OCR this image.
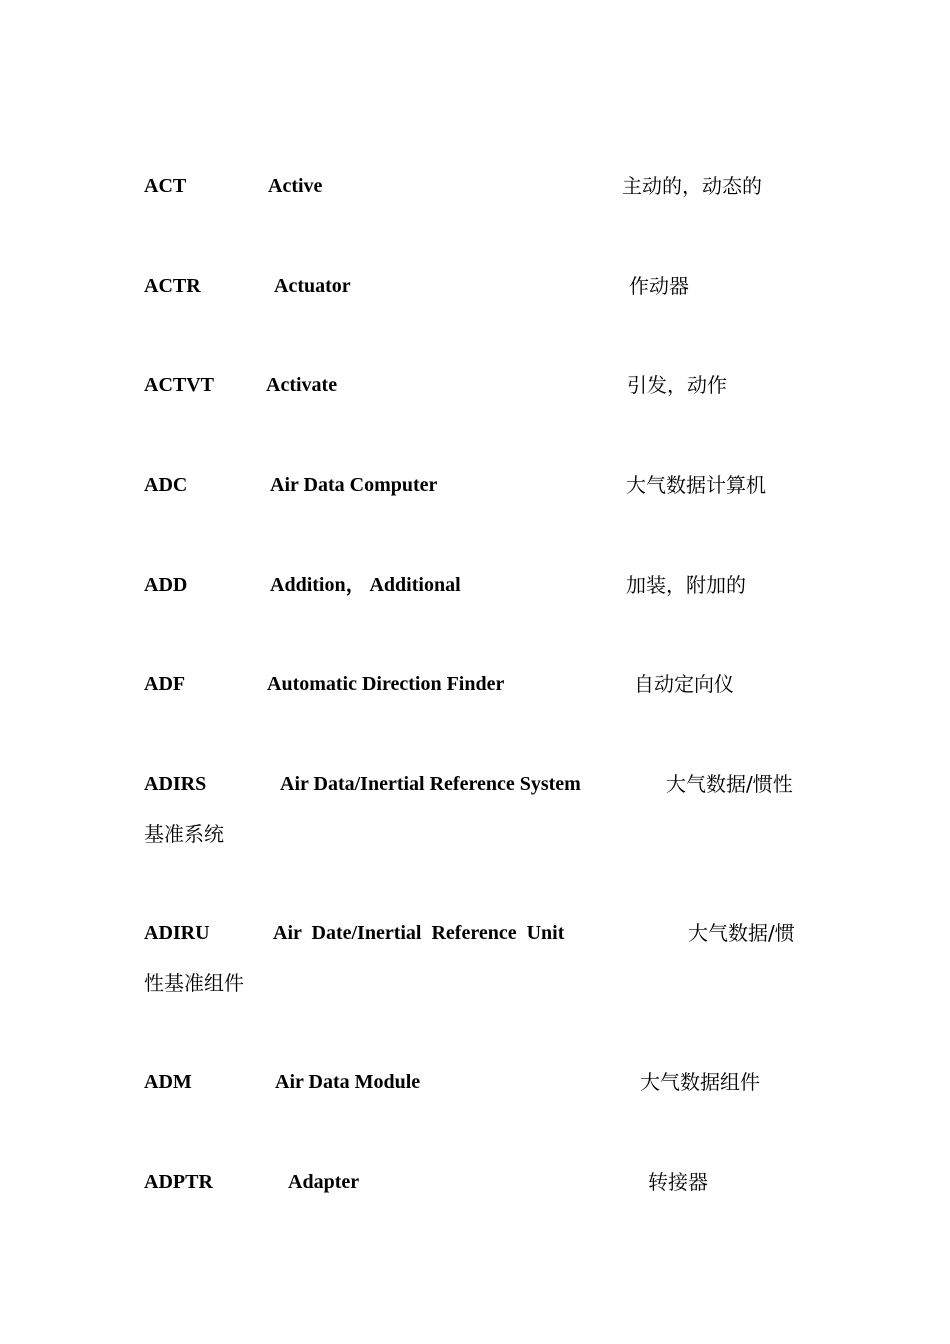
ACT	Active	主动的，动态的
ACTR	Actuator	作动器
ACTVT	Activate	引发，动作
ADC	Air Data Computer	大气数据计算机
ADD	Addition， Additional	加装，附加的
ADF	Automatic Direction Finder	自动定向仪
ADIRS	Air Data/Inertial Reference System	大气数据/惯性
基准系统
ADIRU	Air  Date/Inertial  Reference  Unit	大气数据/惯
性基准组件
ADM	Air Data Module	大气数据组件
ADPTR	Adapter	转接器
